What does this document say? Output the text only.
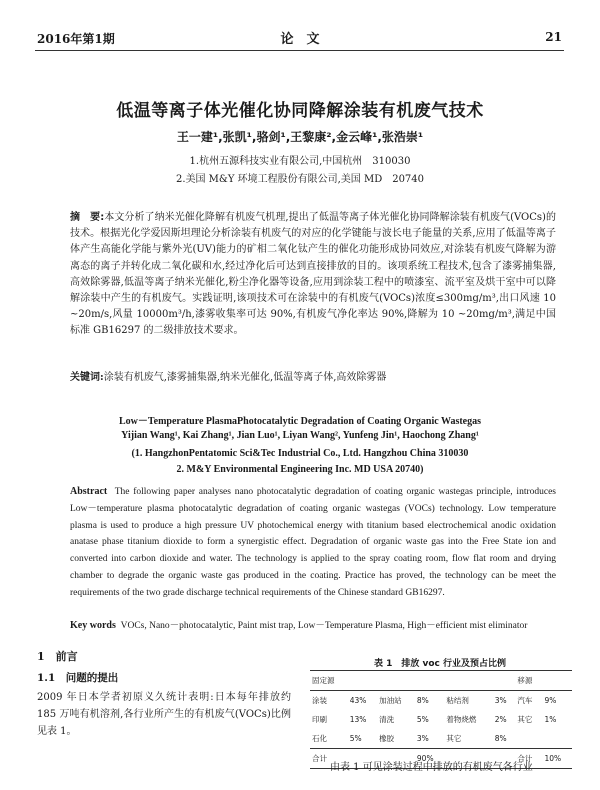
2016年第1期	论　文	21
低温等离子体光催化协同降解涂装有机废气技术
王一建¹,张凯¹,骆剑¹,王黎康²,金云峰¹,张浩崇¹
1.杭州五源科技实业有限公司,中国杭州　310030
2.美国 M&Y 环境工程股份有限公司,美国 MD　20740
摘　要:本文分析了纳米光催化降解有机废气机理,提出了低温等离子体光催化协同降解涂装有机废气(VOCs)的技术。根据光化学爱因斯坦理论分析涂装有机废气的对应的化学键能与波长电子能量的关系,应用了低温等离子体产生高能化学能与紫外光(UV)能力的矿相二氧化钛产生的催化功能形成协同效应,对涂装有机废气降解为游离态的离子并转化成二氧化碳和水,经过净化后可达到直接排放的目的。该项系统工程技术,包含了漆雾捕集器,高效除雾器,低温等离子纳米光催化,粉尘净化器等设备,应用到涂装工程中的喷漆室、流平室及烘干室中可以降解涂装中产生的有机废气。实践证明,该项技术可在涂装中的有机废气(VOCs)浓度≤300mg/m³,出口风速 10 ~20m/s,风量 10000m³/h,漆雾收集率可达 90%,有机废气净化率达 90%,降解为 10 ~20mg/m³,满足中国标准 GB16297 的二级排放技术要求。
关键词:涂装有机废气,漆雾捕集器,纳米光催化,低温等离子体,高效除雾器
Low－Temperature PlasmaPhotocatalytic Degradation of Coating Organic Wastegas
Yijian Wang¹, Kai Zhang¹, Jian Luo¹, Liyan Wang², Yunfeng Jin¹, Haochong Zhang¹
(1. HangzhonPentatomic Sci&Tec Industrial Co., Ltd. Hangzhou China 310030
2. M&Y Environmental Engineering Inc. MD USA 20740)
Abstract The following paper analyses nano photocatalytic degradation of coating organic wastegas principle, introduces Low－temperature plasma photocatalytic degradation of coating organic wastegas (VOCs) technology. Low temperature plasma is used to produce a high pressure UV photochemical energy with titanium based electrochemical anodic oxidation anatase phase titanium dioxide to form a synergistic effect. Degradation of organic waste gas into the Free State ion and converted into carbon dioxide and water. The technology is applied to the spray coating room, flow flat room and drying chamber to degrade the organic waste gas produced in the coating. Practice has proved, the technology can be meet the requirements of the two grade discharge technical requirements of the Chinese standard GB16297.
Key words VOCs, Nano－photocatalytic, Paint mist trap, Low－Temperature Plasma, High－efficient mist eliminator
1　前言
1.1　问题的提出
2009 年日本学者初原义久统计表明:日本每年排放约 185 万吨有机溶剂,各行业所产生的有机废气(VOCs)比例见表 1。
表 1　排放 voc 行业及预占比例
固定源						移源	
涂装	43%	加油站	8%	粘结剂	3%	汽车	9%
印刷	13%	清洗	5%	着物烧燃	2%	其它	1%
石化	5%	橡胶	3%	其它	8%		
合计			90%			合计	10%
由表 1 可见涂装过程中排放的有机废气各行业
